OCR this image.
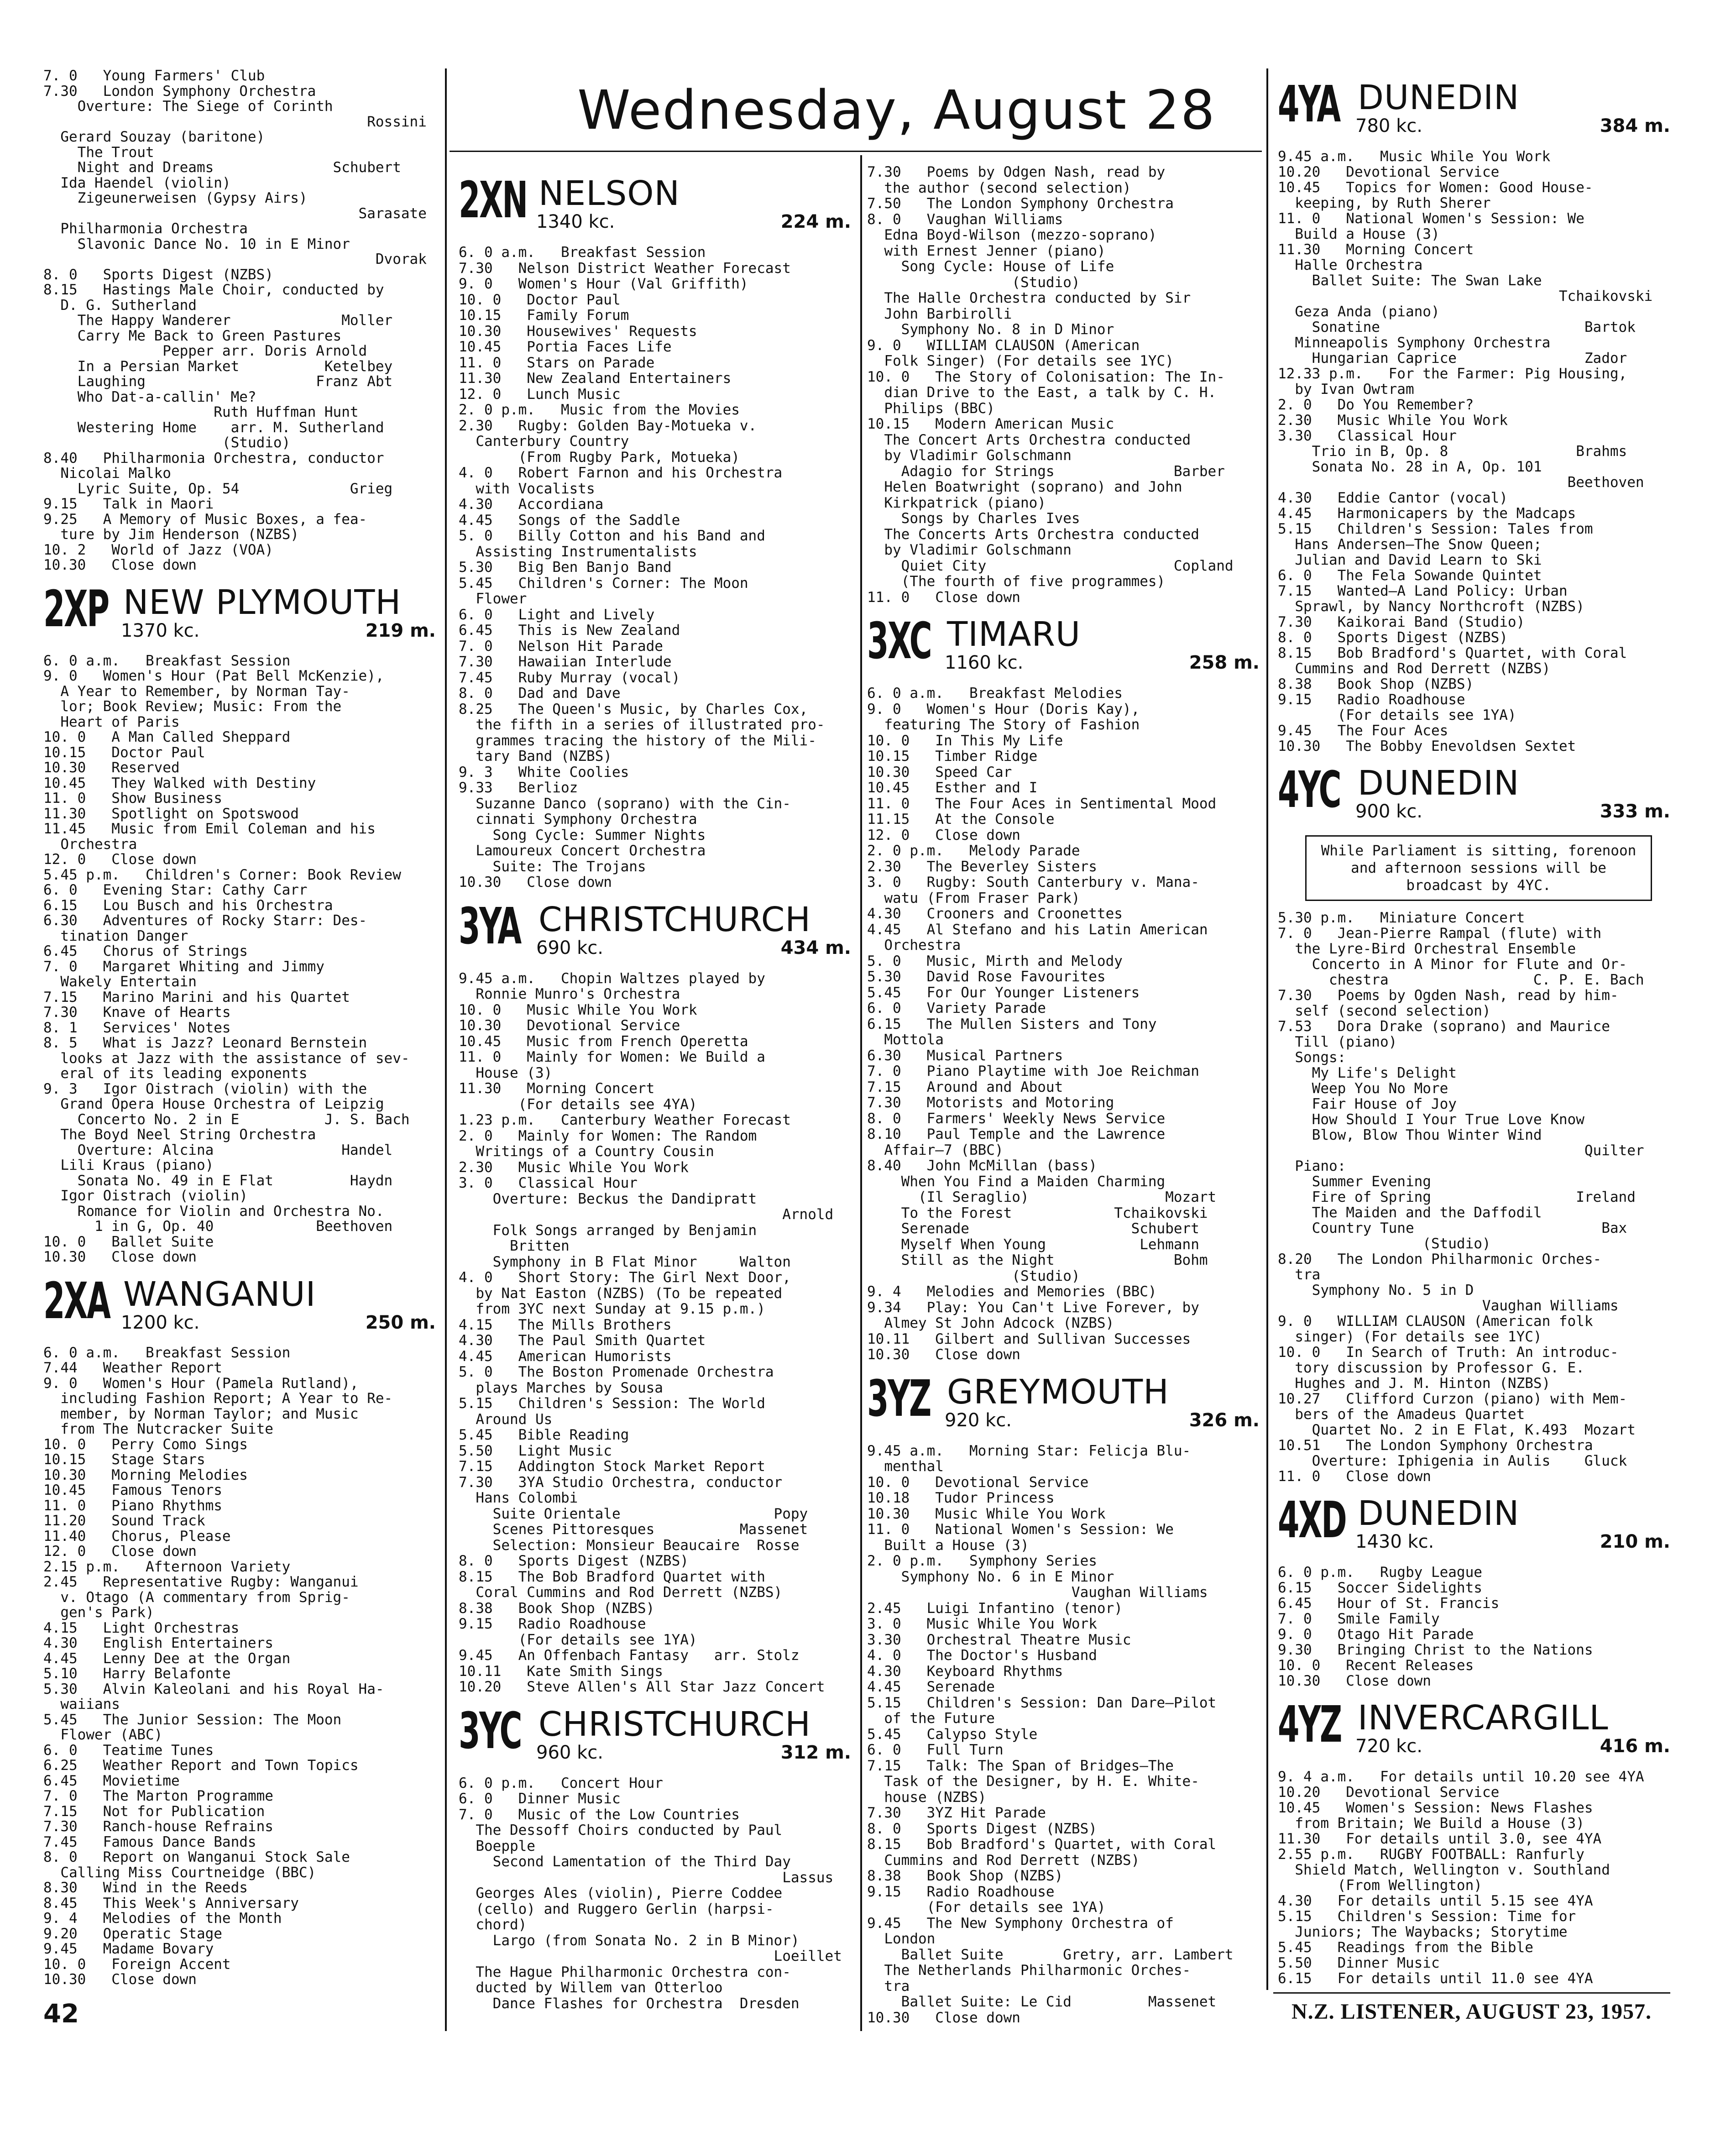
Wednesday, August 28

7. 0   Young Farmers' Club

7.30   London Symphony Orchestra

Overture: The Siege of Corinth

Rossini

Gerard Souzay (baritone)

The Trout

Night and Dreams              Schubert

Ida Haendel (violin)

Zigeunerweisen (Gypsy Airs)

Sarasate

Philharmonia Orchestra

Slavonic Dance No. 10 in E Minor

Dvorak

8. 0   Sports Digest (NZBS)

8.15   Hastings Male Choir, conducted by

D. G. Sutherland

The Happy Wanderer             Moller

Carry Me Back to Green Pastures

Pepper arr. Doris Arnold

In a Persian Market          Ketelbey

Laughing                    Franz Abt

Who Dat-a-callin' Me?

Ruth Huffman Hunt

Westering Home    arr. M. Sutherland

(Studio)

8.40   Philharmonia Orchestra, conductor

Nicolai Malko

Lyric Suite, Op. 54             Grieg

9.15   Talk in Maori

9.25   A Memory of Music Boxes, a fea-

ture by Jim Henderson (NZBS)

10. 2   World of Jazz (VOA)

10.30   Close down

2XP NEW PLYMOUTH
1370 kc.	219 m.

6. 0 a.m.   Breakfast Session

9. 0   Women's Hour (Pat Bell McKenzie),

A Year to Remember, by Norman Tay-

lor; Book Review; Music: From the

Heart of Paris

10. 0   A Man Called Sheppard

10.15   Doctor Paul

10.30   Reserved

10.45   They Walked with Destiny

11. 0   Show Business

11.30   Spotlight on Spotswood

11.45   Music from Emil Coleman and his

Orchestra

12. 0   Close down

5.45 p.m.   Children's Corner: Book Review

6. 0   Evening Star: Cathy Carr

6.15   Lou Busch and his Orchestra

6.30   Adventures of Rocky Starr: Des-

tination Danger

6.45   Chorus of Strings

7. 0   Margaret Whiting and Jimmy

Wakely Entertain

7.15   Marino Marini and his Quartet

7.30   Knave of Hearts

8. 1   Services' Notes

8. 5   What is Jazz? Leonard Bernstein

looks at Jazz with the assistance of sev-

eral of its leading exponents

9. 3   Igor Oistrach (violin) with the

Grand Opera House Orchestra of Leipzig

Concerto No. 2 in E          J. S. Bach

The Boyd Neel String Orchestra

Overture: Alcina               Handel

Lili Kraus (piano)

Sonata No. 49 in E Flat         Haydn

Igor Oistrach (violin)

Romance for Violin and Orchestra No.

1 in G, Op. 40            Beethoven

10. 0   Ballet Suite

10.30   Close down

2XA WANGANUI
1200 kc.	250 m.

6. 0 a.m.   Breakfast Session

7.44   Weather Report

9. 0   Women's Hour (Pamela Rutland),

including Fashion Report; A Year to Re-

member, by Norman Taylor; and Music

from The Nutcracker Suite

10. 0   Perry Como Sings

10.15   Stage Stars

10.30   Morning Melodies

10.45   Famous Tenors

11. 0   Piano Rhythms

11.20   Sound Track

11.40   Chorus, Please

12. 0   Close down

2.15 p.m.   Afternoon Variety

2.45   Representative Rugby: Wanganui

v. Otago (A commentary from Sprig-

gen's Park)

4.15   Light Orchestras

4.30   English Entertainers

4.45   Lenny Dee at the Organ

5.10   Harry Belafonte

5.30   Alvin Kaleolani and his Royal Ha-

waiians

5.45   The Junior Session: The Moon

Flower (ABC)

6. 0   Teatime Tunes

6.25   Weather Report and Town Topics

6.45   Movietime

7. 0   The Marton Programme

7.15   Not for Publication

7.30   Ranch-house Refrains

7.45   Famous Dance Bands

8. 0   Report on Wanganui Stock Sale

Calling Miss Courtneidge (BBC)

8.30   Wind in the Reeds

8.45   This Week's Anniversary

9. 4   Melodies of the Month

9.20   Operatic Stage

9.45   Madame Bovary

10. 0   Foreign Accent

10.30   Close down

2XN NELSON
1340 kc.	224 m.

6. 0 a.m.   Breakfast Session

7.30   Nelson District Weather Forecast

9. 0   Women's Hour (Val Griffith)

10. 0   Doctor Paul

10.15   Family Forum

10.30   Housewives' Requests

10.45   Portia Faces Life

11. 0   Stars on Parade

11.30   New Zealand Entertainers

12. 0   Lunch Music

2. 0 p.m.   Music from the Movies

2.30   Rugby: Golden Bay-Motueka v.

Canterbury Country

(From Rugby Park, Motueka)

4. 0   Robert Farnon and his Orchestra

with Vocalists

4.30   Accordiana

4.45   Songs of the Saddle

5. 0   Billy Cotton and his Band and

Assisting Instrumentalists

5.30   Big Ben Banjo Band

5.45   Children's Corner: The Moon

Flower

6. 0   Light and Lively

6.45   This is New Zealand

7. 0   Nelson Hit Parade

7.30   Hawaiian Interlude

7.45   Ruby Murray (vocal)

8. 0   Dad and Dave

8.25   The Queen's Music, by Charles Cox,

the fifth in a series of illustrated pro-

grammes tracing the history of the Mili-

tary Band (NZBS)

9. 3   White Coolies

9.33   Berlioz

Suzanne Danco (soprano) with the Cin-

cinnati Symphony Orchestra

Song Cycle: Summer Nights

Lamoureux Concert Orchestra

Suite: The Trojans

10.30   Close down

3YA CHRISTCHURCH
690 kc.	434 m.

9.45 a.m.   Chopin Waltzes played by

Ronnie Munro's Orchestra

10. 0   Music While You Work

10.30   Devotional Service

10.45   Music from French Operetta

11. 0   Mainly for Women: We Build a

House (3)

11.30   Morning Concert

(For details see 4YA)

1.23 p.m.   Canterbury Weather Forecast

2. 0   Mainly for Women: The Random

Writings of a Country Cousin

2.30   Music While You Work

3. 0   Classical Hour

Overture: Beckus the Dandipratt

Arnold

Folk Songs arranged by Benjamin

Britten

Symphony in B Flat Minor     Walton

4. 0   Short Story: The Girl Next Door,

by Nat Easton (NZBS) (To be repeated

from 3YC next Sunday at 9.15 p.m.)

4.15   The Mills Brothers

4.30   The Paul Smith Quartet

4.45   American Humorists

5. 0   The Boston Promenade Orchestra

plays Marches by Sousa

5.15   Children's Session: The World

Around Us

5.45   Bible Reading

5.50   Light Music

7.15   Addington Stock Market Report

7.30   3YA Studio Orchestra, conductor

Hans Colombi

Suite Orientale                  Popy

Scenes Pittoresques          Massenet

Selection: Monsieur Beaucaire  Rosse

8. 0   Sports Digest (NZBS)

8.15   The Bob Bradford Quartet with

Coral Cummins and Rod Derrett (NZBS)

8.38   Book Shop (NZBS)

9.15   Radio Roadhouse

(For details see 1YA)

9.45   An Offenbach Fantasy   arr. Stolz

10.11   Kate Smith Sings

10.20   Steve Allen's All Star Jazz Concert

3YC CHRISTCHURCH
960 kc.	312 m.

6. 0 p.m.   Concert Hour

6. 0   Dinner Music

7. 0   Music of the Low Countries

The Dessoff Choirs conducted by Paul

Boepple

Second Lamentation of the Third Day

Lassus

Georges Ales (violin), Pierre Coddee

(cello) and Ruggero Gerlin (harpsi-

chord)

Largo (from Sonata No. 2 in B Minor)

Loeillet

The Hague Philharmonic Orchestra con-

ducted by Willem van Otterloo

Dance Flashes for Orchestra  Dresden

7.30   Poems by Odgen Nash, read by

the author (second selection)

7.50   The London Symphony Orchestra

8. 0   Vaughan Williams

Edna Boyd-Wilson (mezzo-soprano)

with Ernest Jenner (piano)

Song Cycle: House of Life

(Studio)

The Halle Orchestra conducted by Sir

John Barbirolli

Symphony No. 8 in D Minor

9. 0   WILLIAM CLAUSON (American

Folk Singer) (For details see 1YC)

10. 0   The Story of Colonisation: The In-

dian Drive to the East, a talk by C. H.

Philips (BBC)

10.15   Modern American Music

The Concert Arts Orchestra conducted

by Vladimir Golschmann

Adagio for Strings              Barber

Helen Boatwright (soprano) and John

Kirkpatrick (piano)

Songs by Charles Ives

The Concerts Arts Orchestra conducted

by Vladimir Golschmann

Quiet City                      Copland

(The fourth of five programmes)

11. 0   Close down

3XC TIMARU
1160 kc.	258 m.

6. 0 a.m.   Breakfast Melodies

9. 0   Women's Hour (Doris Kay),

featuring The Story of Fashion

10. 0   In This My Life

10.15   Timber Ridge

10.30   Speed Car

10.45   Esther and I

11. 0   The Four Aces in Sentimental Mood

11.15   At the Console

12. 0   Close down

2. 0 p.m.   Melody Parade

2.30   The Beverley Sisters

3. 0   Rugby: South Canterbury v. Mana-

watu (From Fraser Park)

4.30   Crooners and Croonettes

4.45   Al Stefano and his Latin American

Orchestra

5. 0   Music, Mirth and Melody

5.30   David Rose Favourites

5.45   For Our Younger Listeners

6. 0   Variety Parade

6.15   The Mullen Sisters and Tony

Mottola

6.30   Musical Partners

7. 0   Piano Playtime with Joe Reichman

7.15   Around and About

7.30   Motorists and Motoring

8. 0   Farmers' Weekly News Service

8.10   Paul Temple and the Lawrence

Affair—7 (BBC)

8.40   John McMillan (bass)

When You Find a Maiden Charming

(Il Seraglio)                Mozart

To the Forest            Tchaikovski

Serenade                   Schubert

Myself When Young           Lehmann

Still as the Night              Bohm

(Studio)

9. 4   Melodies and Memories (BBC)

9.34   Play: You Can't Live Forever, by

Almey St John Adcock (NZBS)

10.11   Gilbert and Sullivan Successes

10.30   Close down

3YZ GREYMOUTH
920 kc.	326 m.

9.45 a.m.   Morning Star: Felicja Blu-

menthal

10. 0   Devotional Service

10.18   Tudor Princess

10.30   Music While You Work

11. 0   National Women's Session: We

Built a House (3)

2. 0 p.m.   Symphony Series

Symphony No. 6 in E Minor

Vaughan Williams

2.45   Luigi Infantino (tenor)

3. 0   Music While You Work

3.30   Orchestral Theatre Music

4. 0   The Doctor's Husband

4.30   Keyboard Rhythms

4.45   Serenade

5.15   Children's Session: Dan Dare—Pilot

of the Future

5.45   Calypso Style

6. 0   Full Turn

7.15   Talk: The Span of Bridges—The

Task of the Designer, by H. E. White-

house (NZBS)

7.30   3YZ Hit Parade

8. 0   Sports Digest (NZBS)

8.15   Bob Bradford's Quartet, with Coral

Cummins and Rod Derrett (NZBS)

8.38   Book Shop (NZBS)

9.15   Radio Roadhouse

(For details see 1YA)

9.45   The New Symphony Orchestra of

London

Ballet Suite       Gretry, arr. Lambert

The Netherlands Philharmonic Orches-

tra

Ballet Suite: Le Cid         Massenet

10.30   Close down

4YA DUNEDIN
780 kc.	384 m.

9.45 a.m.   Music While You Work

10.20   Devotional Service

10.45   Topics for Women: Good House-

keeping, by Ruth Sherer

11. 0   National Women's Session: We

Build a House (3)

11.30   Morning Concert

Halle Orchestra

Ballet Suite: The Swan Lake

Tchaikovski

Geza Anda (piano)

Sonatine                        Bartok

Minneapolis Symphony Orchestra

Hungarian Caprice               Zador

12.33 p.m.   For the Farmer: Pig Housing,

by Ivan Owtram

2. 0   Do You Remember?

2.30   Music While You Work

3.30   Classical Hour

Trio in B, Op. 8               Brahms

Sonata No. 28 in A, Op. 101

Beethoven

4.30   Eddie Cantor (vocal)

4.45   Harmonicapers by the Madcaps

5.15   Children's Session: Tales from

Hans Andersen—The Snow Queen;

Julian and David Learn to Ski

6. 0   The Fela Sowande Quintet

7.15   Wanted—A Land Policy: Urban

Sprawl, by Nancy Northcroft (NZBS)

7.30   Kaikorai Band (Studio)

8. 0   Sports Digest (NZBS)

8.15   Bob Bradford's Quartet, with Coral

Cummins and Rod Derrett (NZBS)

8.38   Book Shop (NZBS)

9.15   Radio Roadhouse

(For details see 1YA)

9.45   The Four Aces

10.30   The Bobby Enevoldsen Sextet

4YC DUNEDIN
900 kc.	333 m.
While Parliament is sitting, forenoon and afternoon sessions will be broadcast by 4YC.

5.30 p.m.   Miniature Concert

7. 0   Jean-Pierre Rampal (flute) with

the Lyre-Bird Orchestral Ensemble

Concerto in A Minor for Flute and Or-

chestra                 C. P. E. Bach

7.30   Poems by Ogden Nash, read by him-

self (second selection)

7.53   Dora Drake (soprano) and Maurice

Till (piano)

Songs:

My Life's Delight

Weep You No More

Fair House of Joy

How Should I Your True Love Know

Blow, Blow Thou Winter Wind

Quilter

Piano:

Summer Evening

Fire of Spring                 Ireland

The Maiden and the Daffodil

Country Tune                      Bax

(Studio)

8.20   The London Philharmonic Orches-

tra

Symphony No. 5 in D

Vaughan Williams

9. 0   WILLIAM CLAUSON (American folk

singer) (For details see 1YC)

10. 0   In Search of Truth: An introduc-

tory discussion by Professor G. E.

Hughes and J. M. Hinton (NZBS)

10.27   Clifford Curzon (piano) with Mem-

bers of the Amadeus Quartet

Quartet No. 2 in E Flat, K.493  Mozart

10.51   The London Symphony Orchestra

Overture: Iphigenia in Aulis    Gluck

11. 0   Close down

4XD DUNEDIN
1430 kc.	210 m.

6. 0 p.m.   Rugby League

6.15   Soccer Sidelights

6.45   Hour of St. Francis

7. 0   Smile Family

9. 0   Otago Hit Parade

9.30   Bringing Christ to the Nations

10. 0   Recent Releases

10.30   Close down

4YZ INVERCARGILL
720 kc.	416 m.

9. 4 a.m.   For details until 10.20 see 4YA

10.20   Devotional Service

10.45   Women's Session: News Flashes

from Britain; We Build a House (3)

11.30   For details until 3.0, see 4YA

2.55 p.m.   RUGBY FOOTBALL: Ranfurly

Shield Match, Wellington v. Southland

(From Wellington)

4.30   For details until 5.15 see 4YA

5.15   Children's Session: Time for

Juniors; The Waybacks; Storytime

5.45   Readings from the Bible

5.50   Dinner Music

6.15   For details until 11.0 see 4YA

42	N.Z. LISTENER, AUGUST 23, 1957.
